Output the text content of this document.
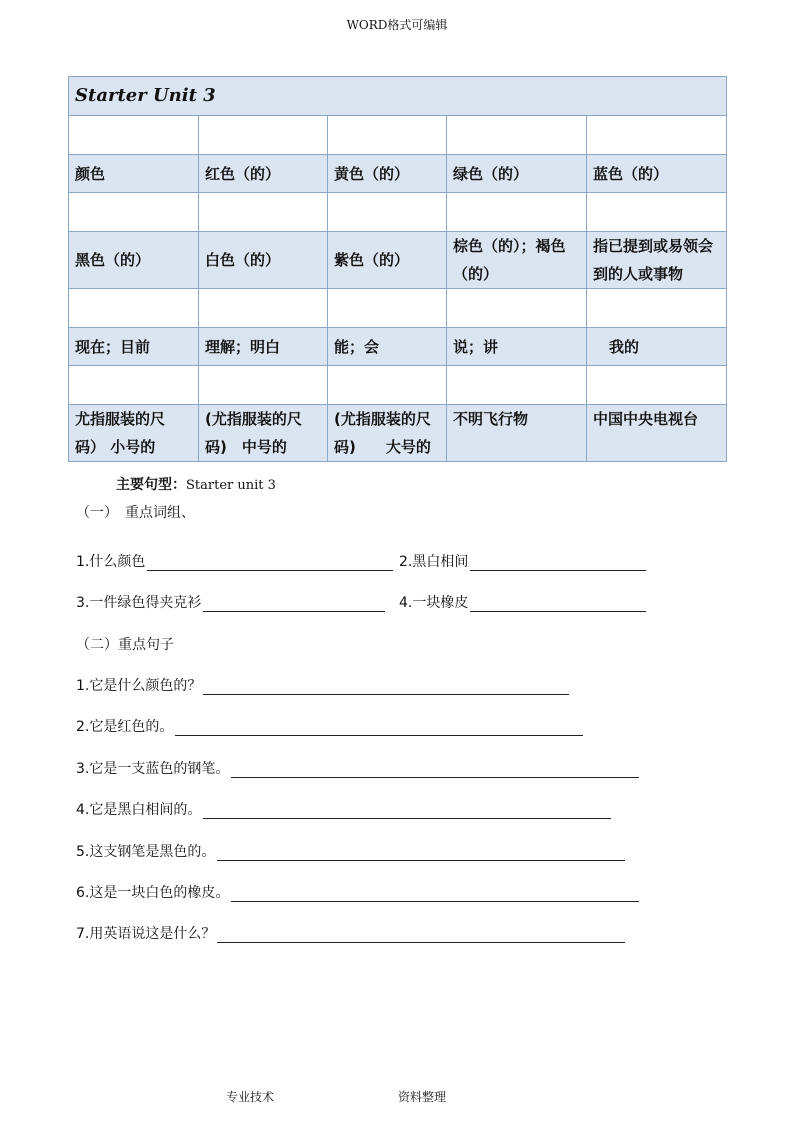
WORD格式可编辑
Starter Unit 3				

颜色	红色（的）	黄色（的）	绿色（的）	蓝色（的）

黑色（的）	白色（的）	紫色（的）	棕色（的）；褐色（的）	指已提到或易领会到的人或事物

现在；目前	理解；明白	能；会	说；讲	我的

尤指服装的尺码） 小号的	(尤指服装的尺码)　中号的	(尤指服装的尺码)　　大号的	不明飞行物	中国中央电视台
主要句型：Starter unit 3
（一）　重点词组、
1.什么颜色	2.黑白相间
3.一件绿色得夹克衫	4.一块橡皮
（二）重点句子
1.它是什么颜色的？
2.它是红色的。
3.它是一支蓝色的钢笔。
4.它是黑白相间的。
5.这支钢笔是黑色的。
6.这是一块白色的橡皮。
7.用英语说这是什么？
专业技术	资料整理
